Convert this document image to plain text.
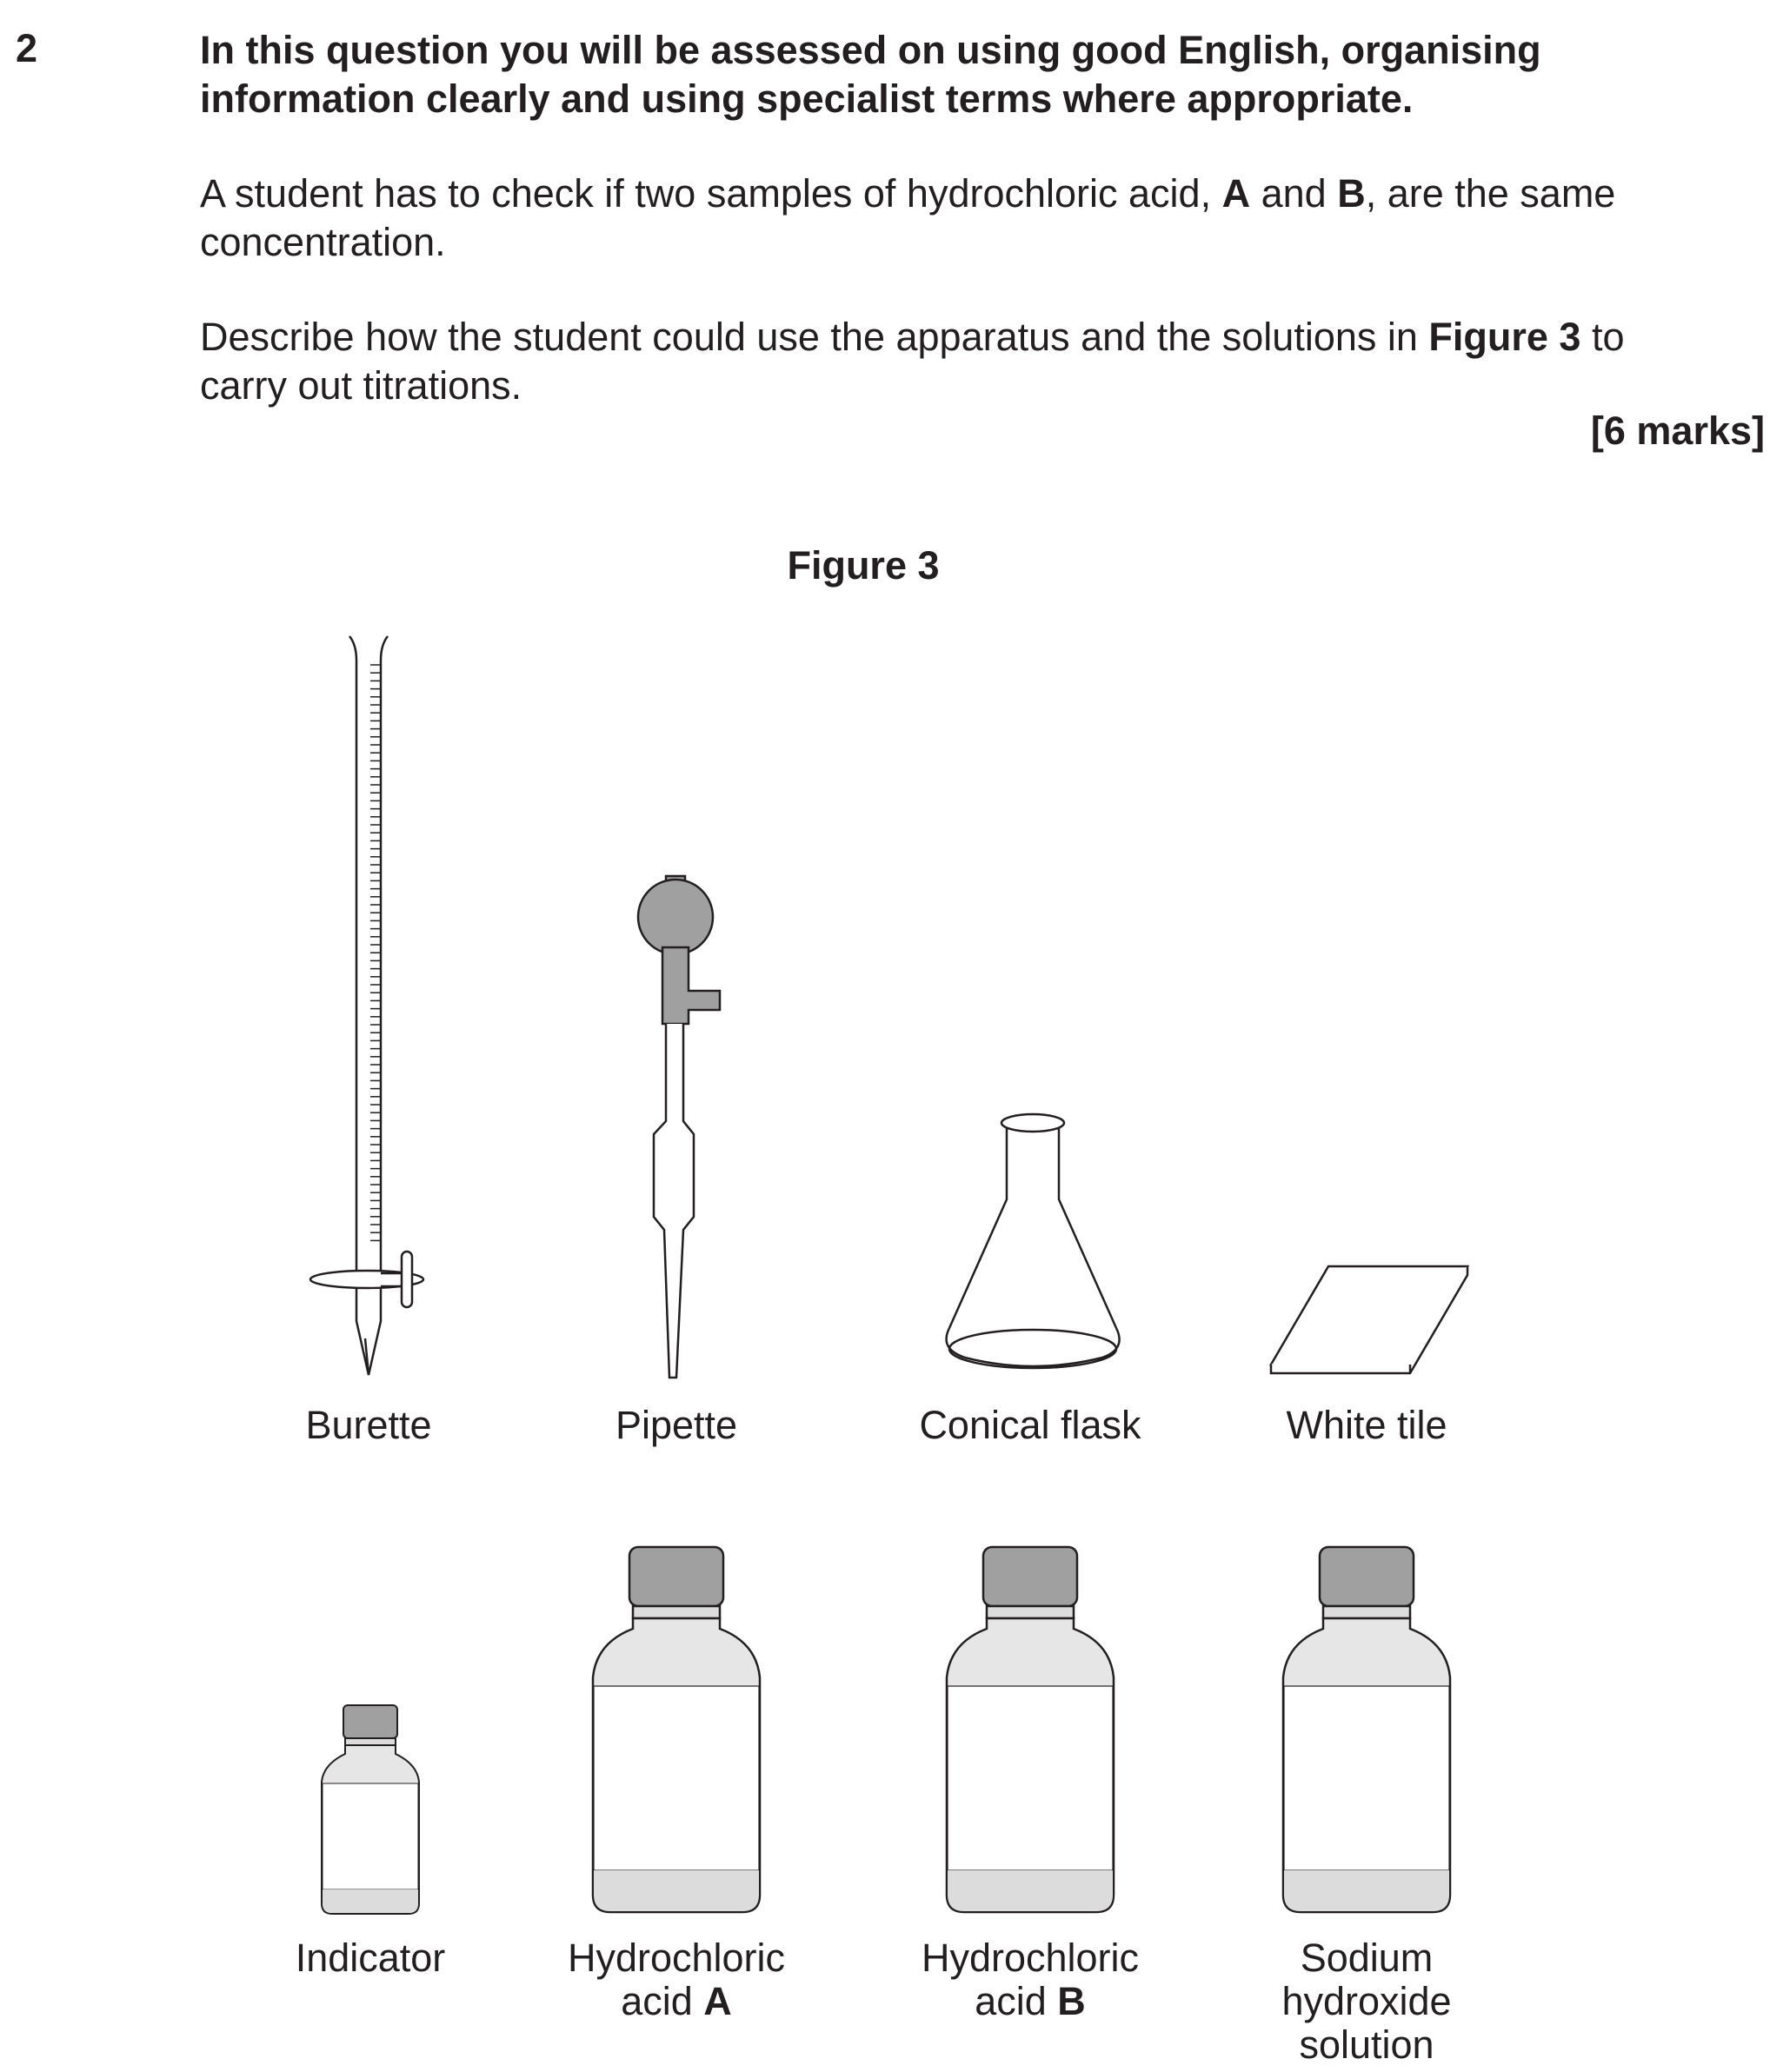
2	In this question you will be assessed on using good English, organising
information clearly and using specialist terms where appropriate.
A student has to check if two samples of hydrochloric acid, A and B, are the same
concentration.
Describe how the student could use the apparatus and the solutions in Figure 3 to
carry out titrations.
[6 marks]
Figure 3
Burette	Pipette	Conical flask	White tile
Indicator	Hydrochloric
acid A
Hydrochloric
acid B
Sodium
hydroxide
solution
